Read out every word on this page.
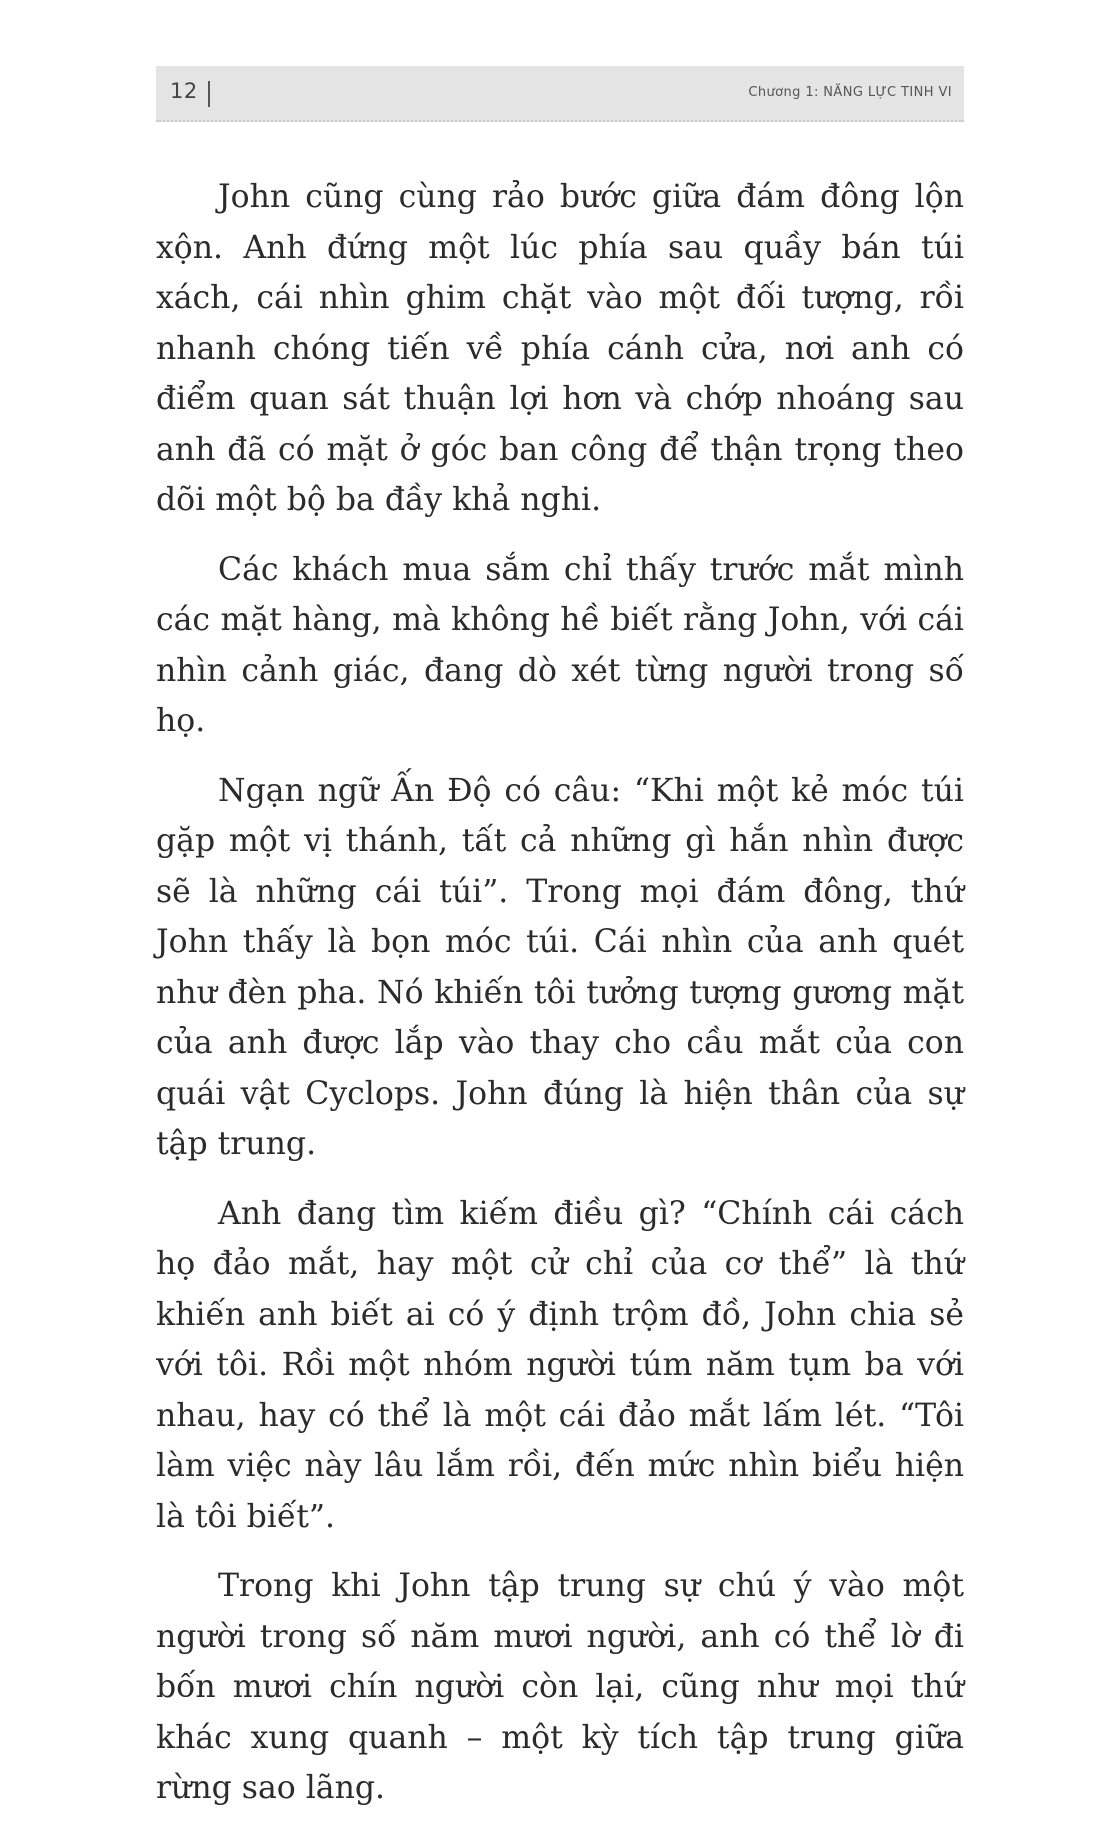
12	Chương 1: NĂNG LỰC TINH VI

John cũng cùng rảo bước giữa đám đông lộn xộn. Anh đứng một lúc phía sau quầy bán túi xách, cái nhìn ghim chặt vào một đối tượng, rồi nhanh chóng tiến về phía cánh cửa, nơi anh có điểm quan sát thuận lợi hơn và chớp nhoáng sau anh đã có mặt ở góc ban công để thận trọng theo dõi một bộ ba đầy khả nghi.

Các khách mua sắm chỉ thấy trước mắt mình các mặt hàng, mà không hề biết rằng John, với cái nhìn cảnh giác, đang dò xét từng người trong số họ.

Ngạn ngữ Ấn Độ có câu: “Khi một kẻ móc túi gặp một vị thánh, tất cả những gì hắn nhìn được sẽ là những cái túi”. Trong mọi đám đông, thứ John thấy là bọn móc túi. Cái nhìn của anh quét như đèn pha. Nó khiến tôi tưởng tượng gương mặt của anh được lắp vào thay cho cầu mắt của con quái vật Cyclops. John đúng là hiện thân của sự tập trung.

Anh đang tìm kiếm điều gì? “Chính cái cách họ đảo mắt, hay một cử chỉ của cơ thể” là thứ khiến anh biết ai có ý định trộm đồ, John chia sẻ với tôi. Rồi một nhóm người túm năm tụm ba với nhau, hay có thể là một cái đảo mắt lấm lét. “Tôi làm việc này lâu lắm rồi, đến mức nhìn biểu hiện là tôi biết”.

Trong khi John tập trung sự chú ý vào một người trong số năm mươi người, anh có thể lờ đi bốn mươi chín người còn lại, cũng như mọi thứ khác xung quanh – một kỳ tích tập trung giữa rừng sao lãng.
